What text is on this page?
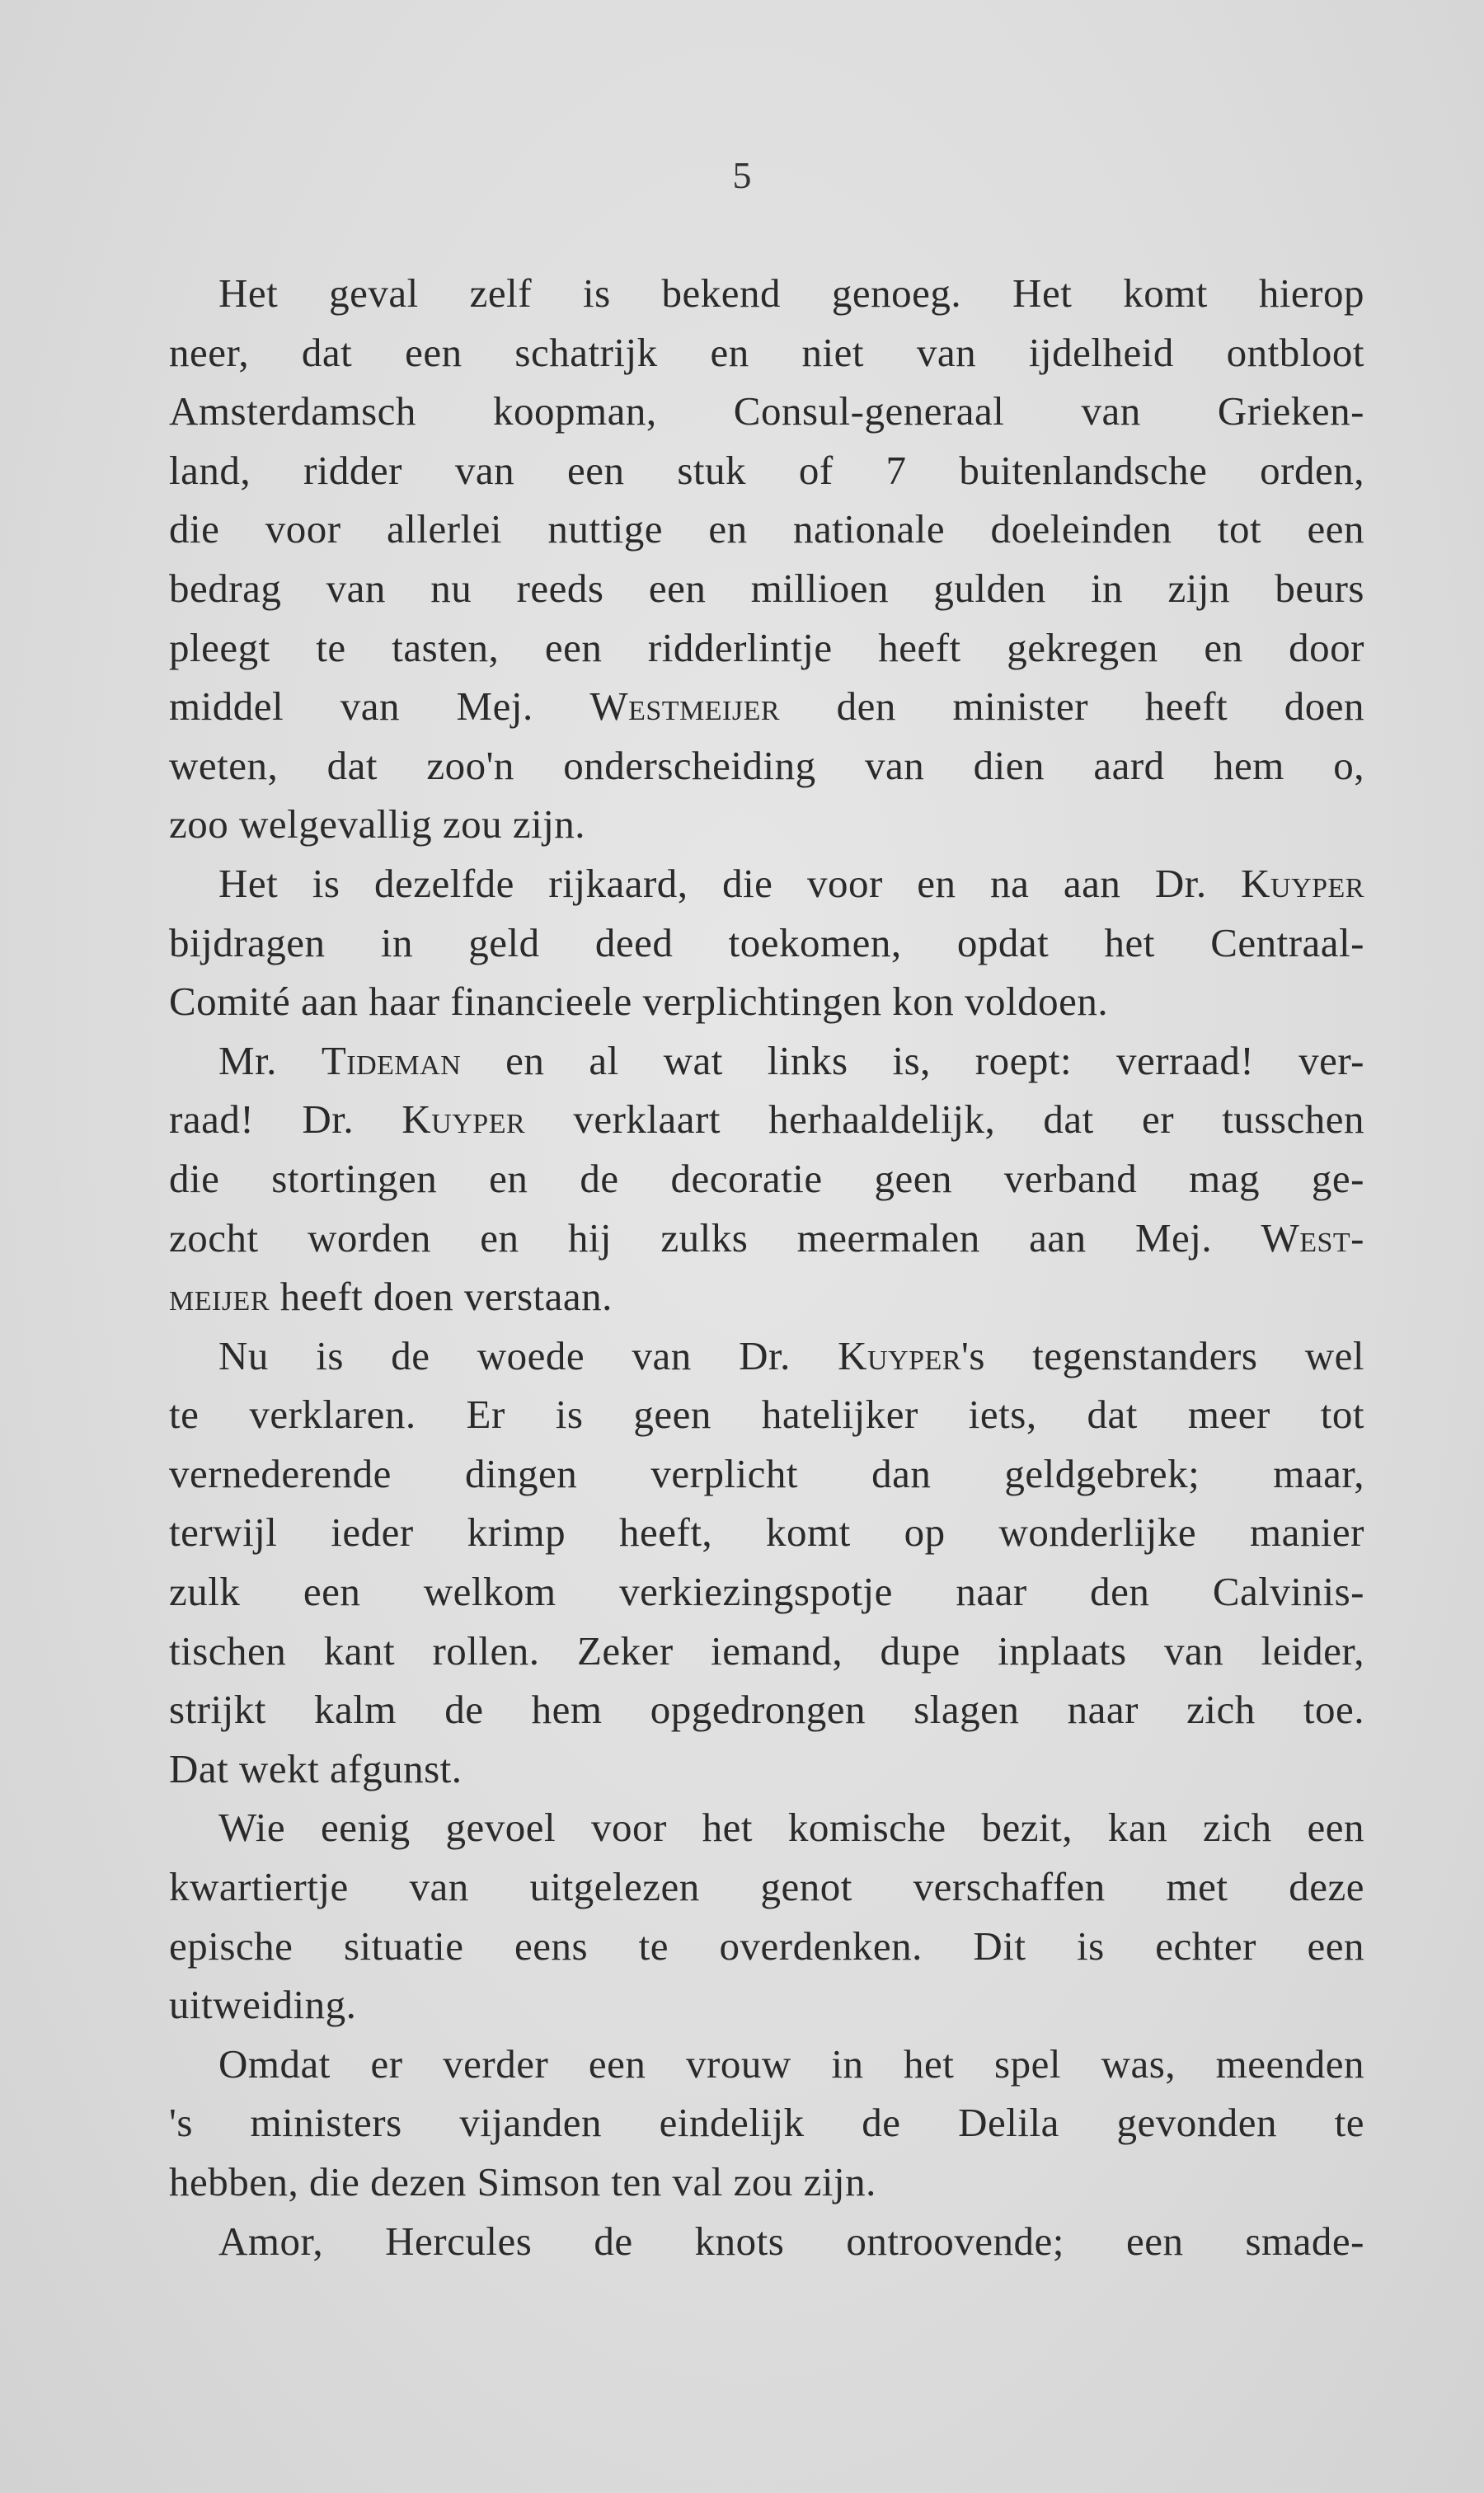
5
Het geval zelf is bekend genoeg. Het komt hierop
neer, dat een schatrijk en niet van ijdelheid ontbloot
Amsterdamsch koopman, Consul-generaal van Grieken-
land, ridder van een stuk of 7 buitenlandsche orden,
die voor allerlei nuttige en nationale doeleinden tot een
bedrag van nu reeds een millioen gulden in zijn beurs
pleegt te tasten, een ridderlintje heeft gekregen en door
middel van Mej. Westmeijer den minister heeft doen
weten, dat zoo'n onderscheiding van dien aard hem o,
zoo welgevallig zou zijn.
Het is dezelfde rijkaard, die voor en na aan Dr. Kuyper
bijdragen in geld deed toekomen, opdat het Centraal-
Comité aan haar financieele verplichtingen kon voldoen.
Mr. Tideman en al wat links is, roept: verraad! ver-
raad! Dr. Kuyper verklaart herhaaldelijk, dat er tusschen
die stortingen en de decoratie geen verband mag ge-
zocht worden en hij zulks meermalen aan Mej. West-
meijer heeft doen verstaan.
Nu is de woede van Dr. Kuyper's tegenstanders wel
te verklaren. Er is geen hatelijker iets, dat meer tot
vernederende dingen verplicht dan geldgebrek; maar,
terwijl ieder krimp heeft, komt op wonderlijke manier
zulk een welkom verkiezingspotje naar den Calvinis-
tischen kant rollen. Zeker iemand, dupe inplaats van leider,
strijkt kalm de hem opgedrongen slagen naar zich toe.
Dat wekt afgunst.
Wie eenig gevoel voor het komische bezit, kan zich een
kwartiertje van uitgelezen genot verschaffen met deze
epische situatie eens te overdenken. Dit is echter een
uitweiding.
Omdat er verder een vrouw in het spel was, meenden
's ministers vijanden eindelijk de Delila gevonden te
hebben, die dezen Simson ten val zou zijn.
Amor, Hercules de knots ontroovende; een smade-
